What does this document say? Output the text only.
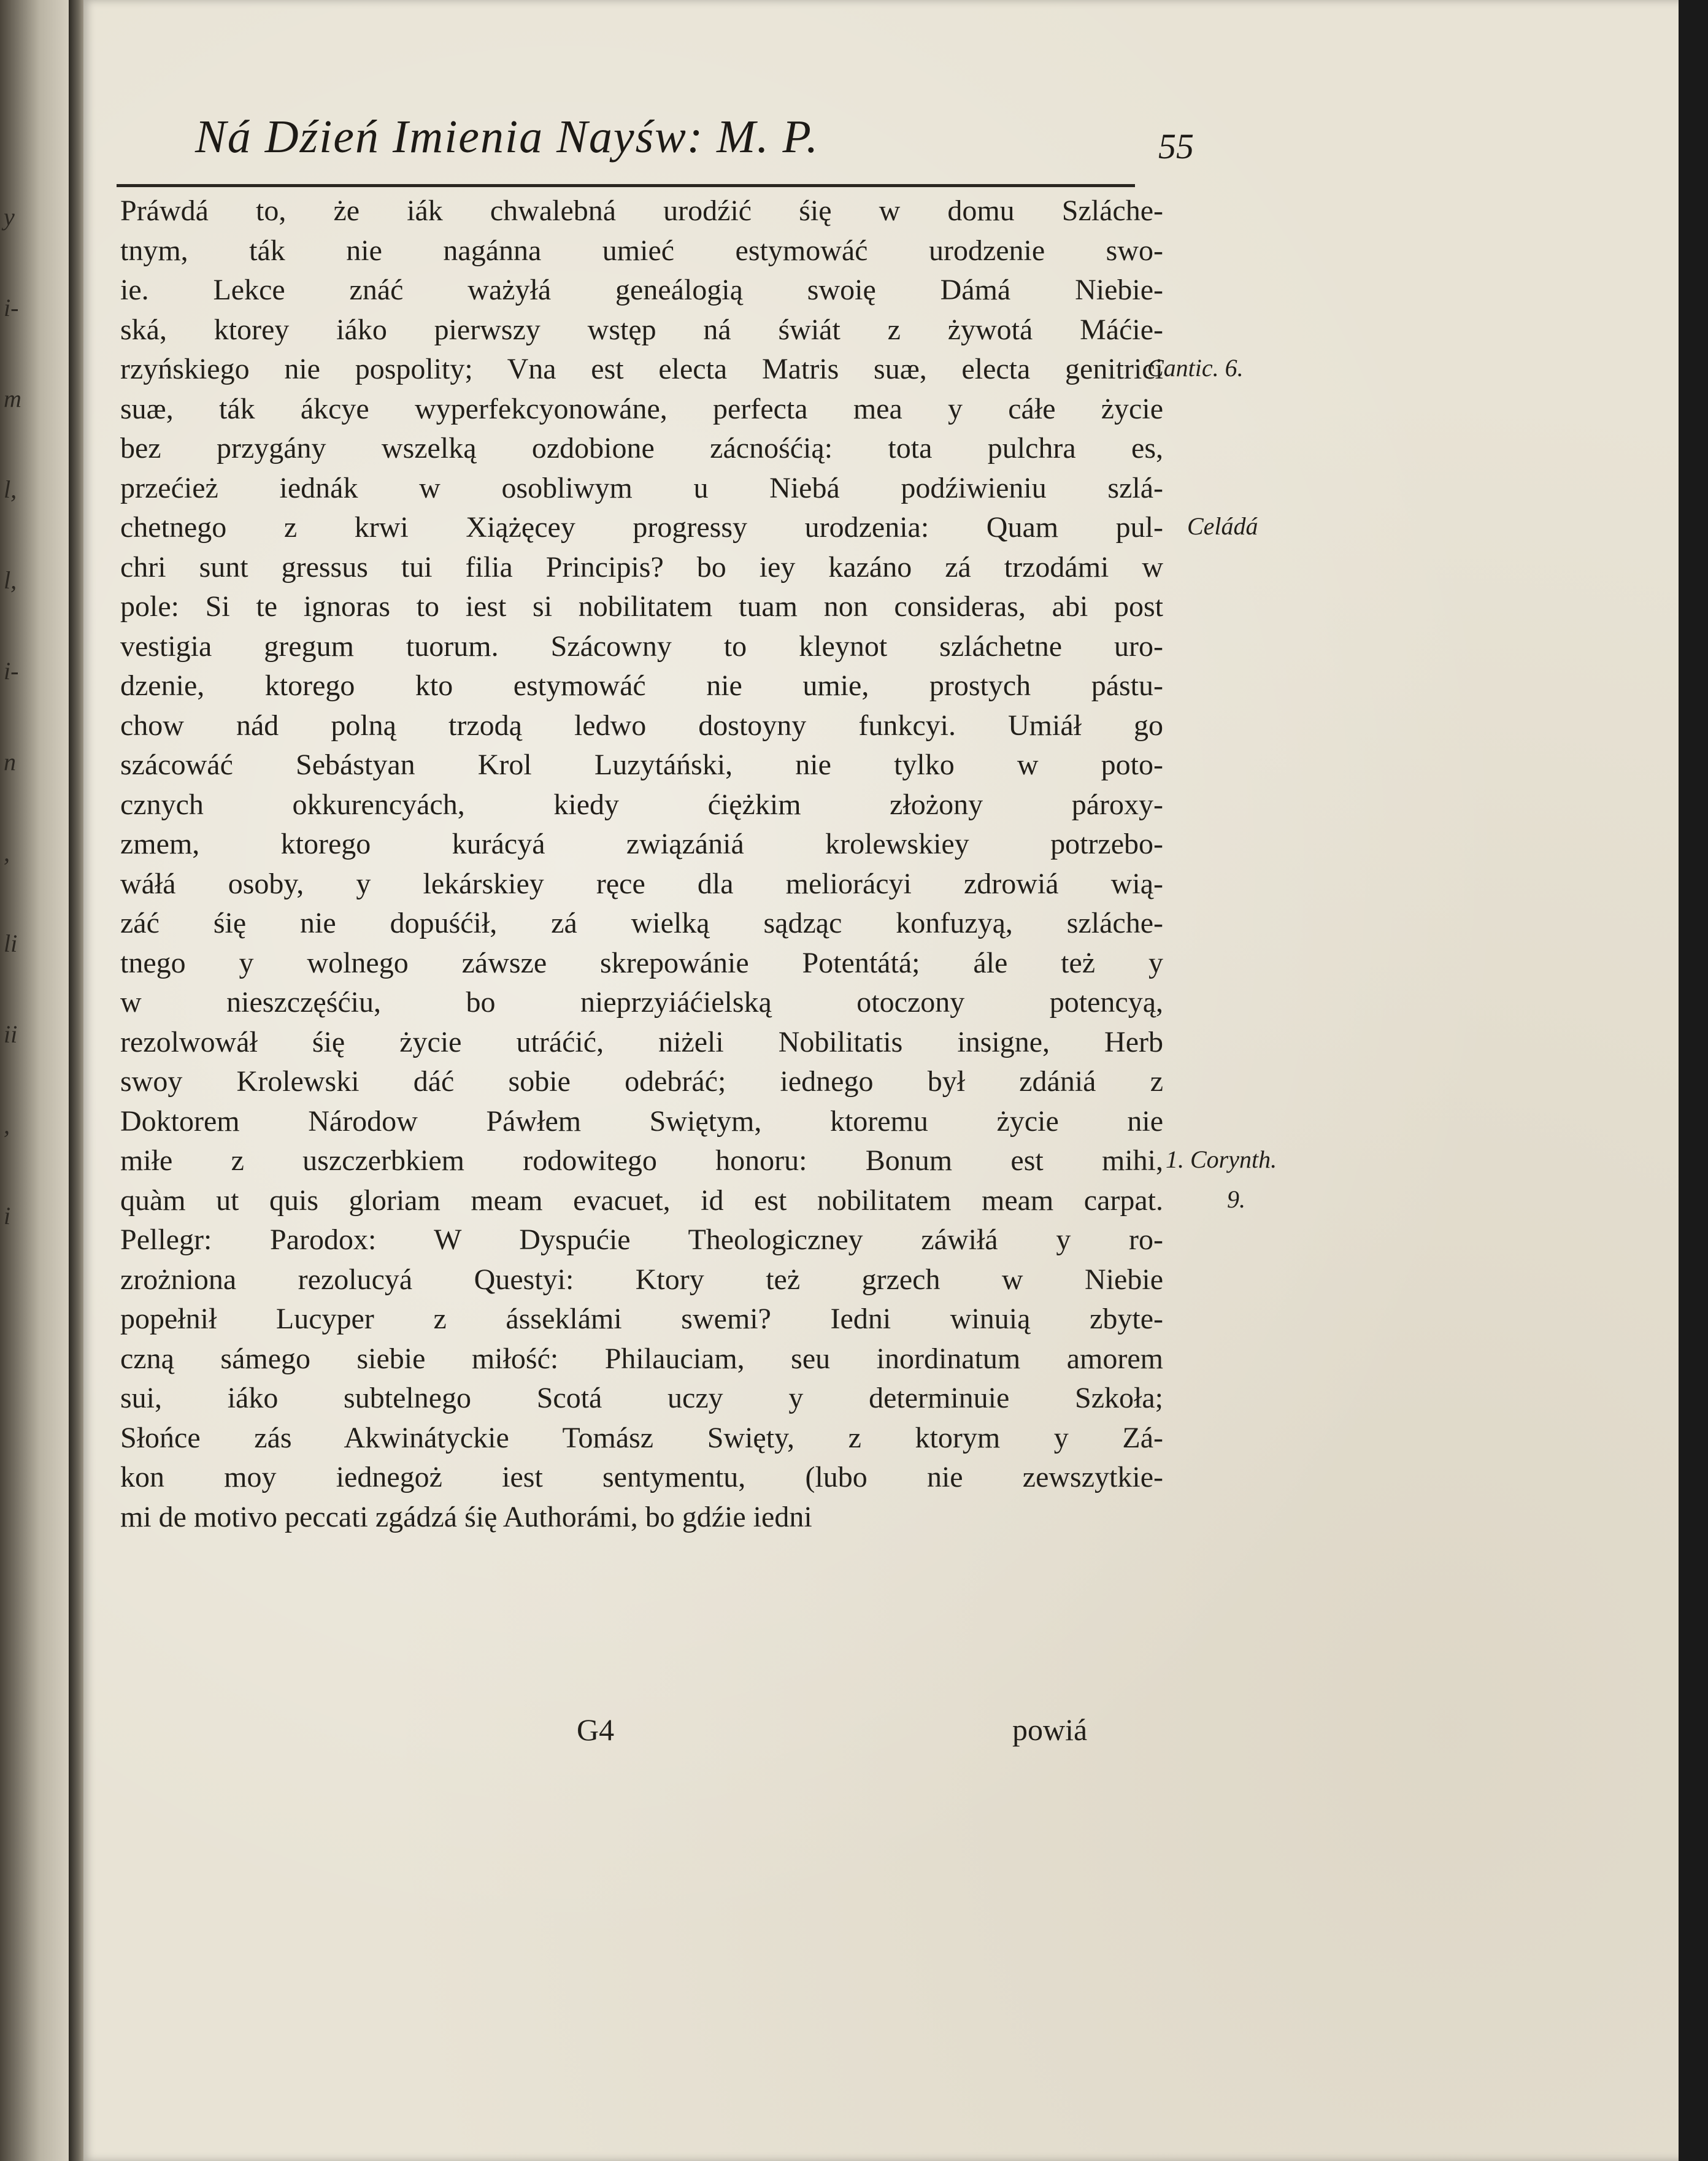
y
i-
m
l,
l,
i-
n
,
li
ii
,
i
Ná Dźień Imienia Nayśw: M. P.	55
Práwdá to, że iák chwalebná urodźić śię w domu Szláche-
tnym, ták nie nagánna umieć estymowáć urodzenie swo-
ie. Lekce znáć ważyłá geneálogią swoię Dámá Niebie-
ská, ktorey iáko pierwszy wstęp ná świát z żywotá Máćie-
rzyńskiego nie pospolity; Vna est electa Matris suæ, electa genitrici
suæ, ták ákcye wyperfekcyonowáne, perfecta mea y cáłe życie
bez przygány wszelką ozdobione zácnośćią: tota pulchra es,
przećież iednák w osobliwym u Niebá podźiwieniu szlá-
chetnego z krwi Xiążęcey progressy urodzenia: Quam pul-
chri sunt gressus tui filia Principis? bo iey kazáno zá trzodámi w
pole: Si te ignoras to iest si nobilitatem tuam non consideras, abi post
vestigia gregum tuorum. Szácowny to kleynot szláchetne uro-
dzenie, ktorego kto estymowáć nie umie, prostych pástu-
chow nád polną trzodą ledwo dostoyny funkcyi. Umiáł go
szácowáć Sebástyan Krol Luzytáński, nie tylko w poto-
cznych okkurencyách, kiedy ćiężkim złożony pároxy-
zmem, ktorego kurácyá związániá krolewskiey potrzebo-
wáłá osoby, y lekárskiey ręce dla meliorácyi zdrowiá wią-
záć śię nie dopuśćił, zá wielką sądząc konfuzyą, szláche-
tnego y wolnego záwsze skrepowánie Potentátá; ále też y
w nieszczęśćiu, bo nieprzyiáćielską otoczony potencyą,
rezolwowáł śię życie utráćić, niżeli Nobilitatis insigne, Herb
swoy Krolewski dáć sobie odebráć; iednego był zdániá z
Doktorem Národow Páwłem Swiętym, ktoremu życie nie
miłe z uszczerbkiem rodowitego honoru: Bonum est mihi,
quàm ut quis gloriam meam evacuet, id est nobilitatem meam carpat.
Pellegr: Parodox: W Dyspućie Theologiczney záwiłá y ro-
zrożniona rezolucyá Questyi: Ktory też grzech w Niebie
popełnił Lucyper z ásseklámi swemi? Iedni winuią zbyte-
czną sámego siebie miłość: Philauciam, seu inordinatum amorem
sui, iáko subtelnego Scotá uczy y determinuie Szkoła;
Słońce zás Akwinátyckie Tomász Swięty, z ktorym y Zá-
kon moy iednegoż iest sentymentu, (lubo nie zewszytkie-
mi de motivo peccati zgádzá śię Authorámi, bo gdźie iedni
G4	powiá
Cantic. 6.
Celádá
1. Corynth.
9.
